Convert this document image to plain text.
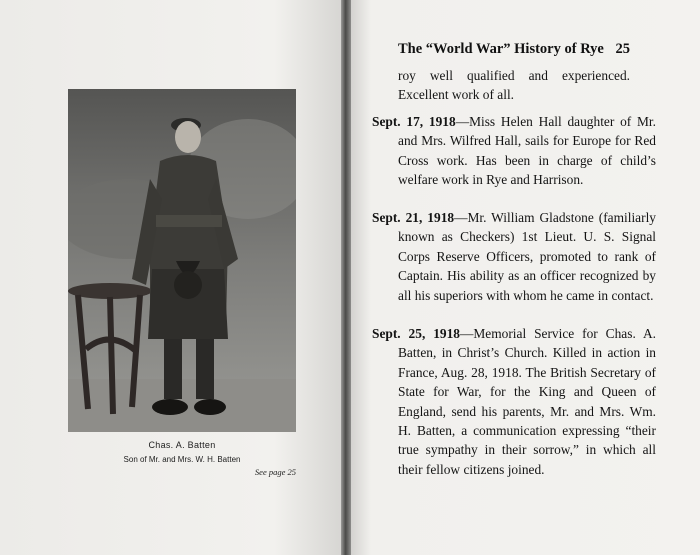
Chas. A. Batten
Son of Mr. and Mrs. W. H. Batten
See page 25
The “World War” History of Rye 25
roy well qualified and experienced. Excellent work of all.
Sept. 17, 1918—Miss Helen Hall daughter of Mr. and Mrs. Wilfred Hall, sails for Europe for Red Cross work. Has been in charge of child’s welfare work in Rye and Harrison.
Sept. 21, 1918—Mr. William Gladstone (familiarly known as Checkers) 1st Lieut. U. S. Signal Corps Reserve Officers, promoted to rank of Captain. His ability as an officer recognized by all his superiors with whom he came in contact.
Sept. 25, 1918—Memorial Service for Chas. A. Batten, in Christ’s Church. Killed in action in France, Aug. 28, 1918. The British Secretary of State for War, for the King and Queen of England, send his parents, Mr. and Mrs. Wm. H. Batten, a communication expressing “their true sympathy in their sorrow,” in which all their fellow citizens joined.
